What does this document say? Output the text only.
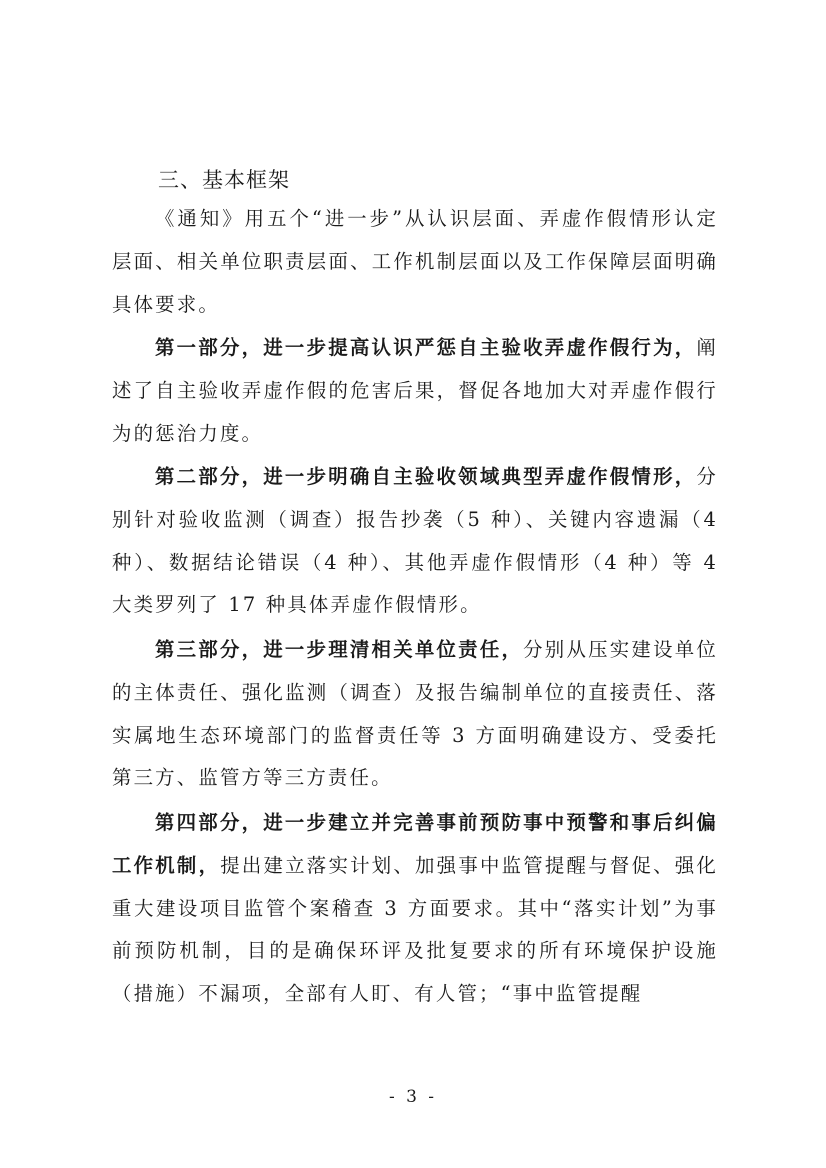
三、基本框架

《通知》用五个“进一步”从认识层面、弄虚作假情形认定层面、相关单位职责层面、工作机制层面以及工作保障层面明确具体要求。

第一部分，进一步提高认识严惩自主验收弄虚作假行为，阐述了自主验收弄虚作假的危害后果，督促各地加大对弄虚作假行为的惩治力度。

第二部分，进一步明确自主验收领域典型弄虚作假情形，分别针对验收监测（调查）报告抄袭（5 种）、关键内容遗漏（4 种）、数据结论错误（4 种）、其他弄虚作假情形（4 种）等 4 大类罗列了 17 种具体弄虚作假情形。

第三部分，进一步理清相关单位责任，分别从压实建设单位的主体责任、强化监测（调查）及报告编制单位的直接责任、落实属地生态环境部门的监督责任等 3 方面明确建设方、受委托第三方、监管方等三方责任。

第四部分，进一步建立并完善事前预防事中预警和事后纠偏工作机制，提出建立落实计划、加强事中监管提醒与督促、强化重大建设项目监管个案稽查 3 方面要求。其中“落实计划”为事前预防机制，目的是确保环评及批复要求的所有环境保护设施（措施）不漏项，全部有人盯、有人管；“事中监管提醒

- 3 -
